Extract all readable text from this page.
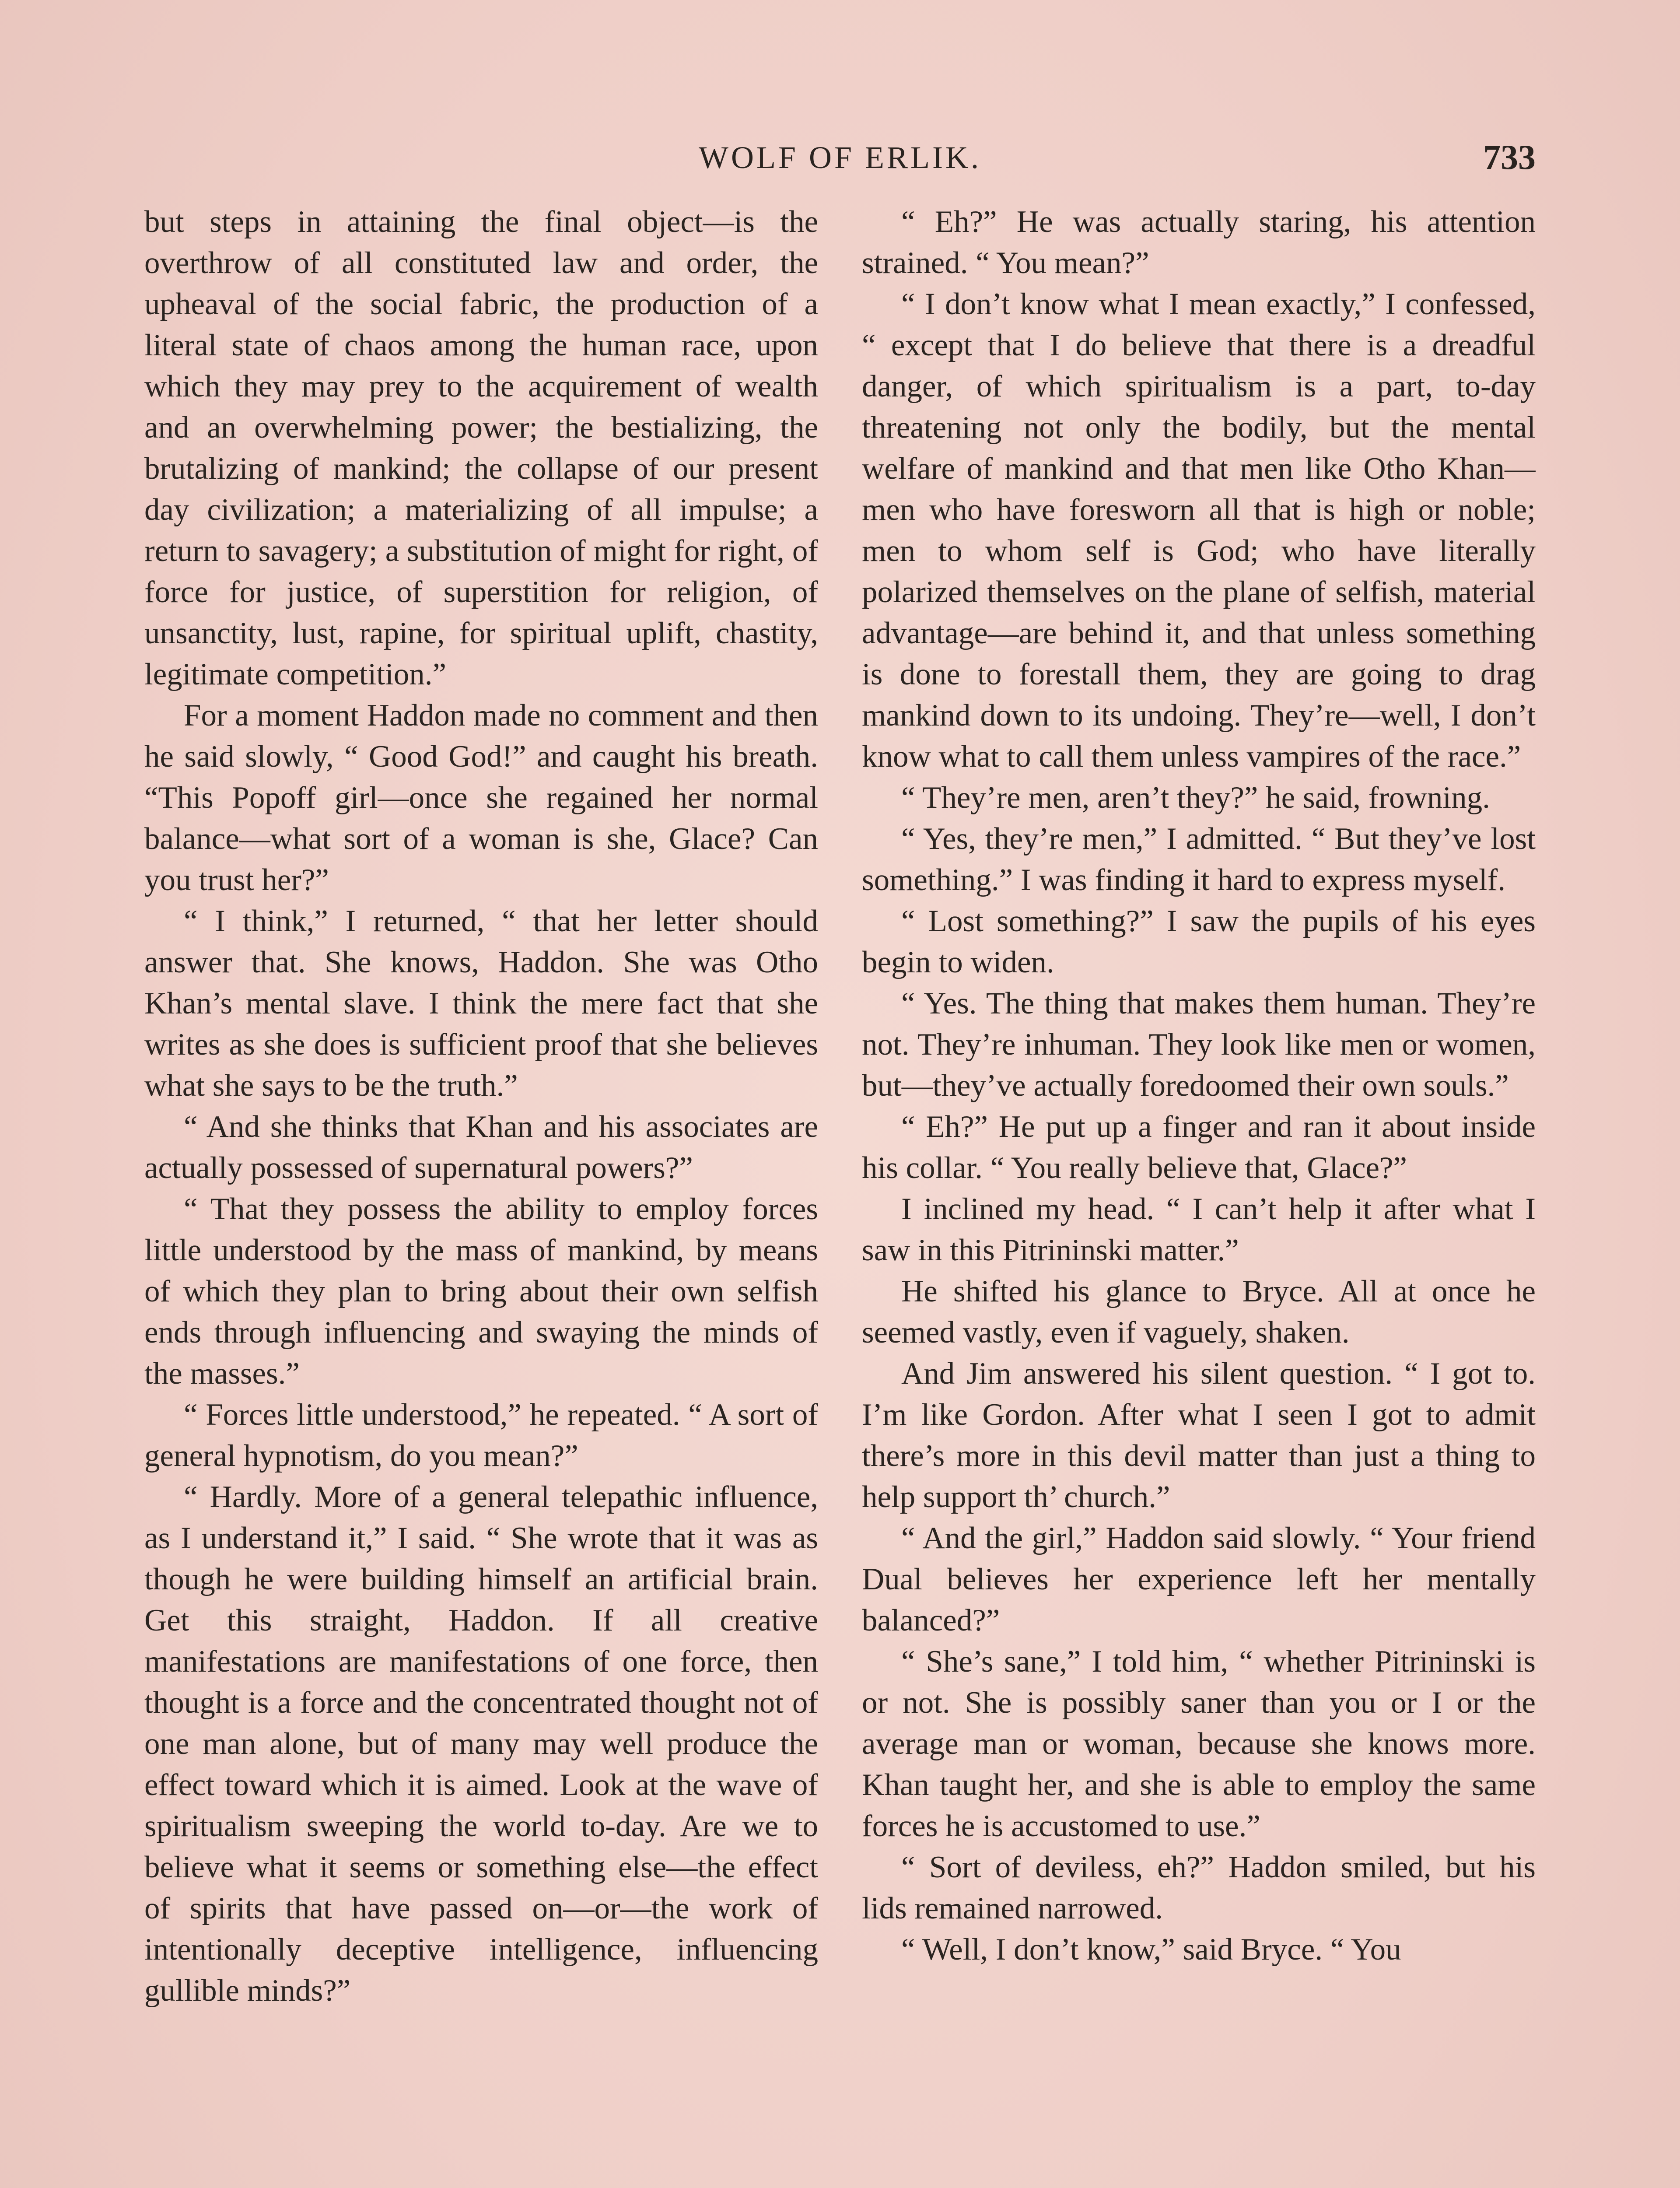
WOLF OF ERLIK.	733

but steps in attaining the final object—is the overthrow of all constituted law and order, the upheaval of the social fabric, the production of a literal state of chaos among the human race, upon which they may prey to the acquirement of wealth and an overwhelming power; the bestializing, the brutalizing of mankind; the collapse of our present day civilization; a materializing of all impulse; a return to savagery; a substitution of might for right, of force for justice, of superstition for religion, of unsanctity, lust, rapine, for spiritual uplift, chastity, legitimate competition.”

For a moment Haddon made no comment and then he said slowly, “ Good God!” and caught his breath. “This Popoff girl—once she regained her normal balance—what sort of a woman is she, Glace? Can you trust her?”

“ I think,” I returned, “ that her letter should answer that. She knows, Haddon. She was Otho Khan’s mental slave. I think the mere fact that she writes as she does is sufficient proof that she believes what she says to be the truth.”

“ And she thinks that Khan and his associates are actually possessed of supernatural powers?”

“ That they possess the ability to employ forces little understood by the mass of mankind, by means of which they plan to bring about their own selfish ends through influencing and swaying the minds of the masses.”

“ Forces little understood,” he repeated. “ A sort of general hypnotism, do you mean?”

“ Hardly. More of a general telepathic influence, as I understand it,” I said. “ She wrote that it was as though he were building himself an artificial brain. Get this straight, Haddon. If all creative manifestations are manifestations of one force, then thought is a force and the concentrated thought not of one man alone, but of many may well produce the effect toward which it is aimed. Look at the wave of spiritualism sweeping the world to-day. Are we to believe what it seems or something else—the effect of spirits that have passed on—or—the work of intentionally deceptive intelligence, influencing gullible minds?”

“ Eh?” He was actually staring, his attention strained. “ You mean?”

“ I don’t know what I mean exactly,” I confessed, “ except that I do believe that there is a dreadful danger, of which spiritualism is a part, to-day threatening not only the bodily, but the mental welfare of mankind and that men like Otho Khan—men who have foresworn all that is high or noble; men to whom self is God; who have literally polarized themselves on the plane of selfish, material advantage—are behind it, and that unless something is done to forestall them, they are going to drag mankind down to its undoing. They’re—well, I don’t know what to call them unless vampires of the race.”

“ They’re men, aren’t they?” he said, frowning.

“ Yes, they’re men,” I admitted. “ But they’ve lost something.” I was finding it hard to express myself.

“ Lost something?” I saw the pupils of his eyes begin to widen.

“ Yes. The thing that makes them human. They’re not. They’re inhuman. They look like men or women, but—they’ve actually foredoomed their own souls.”

“ Eh?” He put up a finger and ran it about inside his collar. “ You really believe that, Glace?”

I inclined my head. “ I can’t help it after what I saw in this Pitrininski matter.”

He shifted his glance to Bryce. All at once he seemed vastly, even if vaguely, shaken.

And Jim answered his silent question. “ I got to. I’m like Gordon. After what I seen I got to admit there’s more in this devil matter than just a thing to help support th’ church.”

“ And the girl,” Haddon said slowly. “ Your friend Dual believes her experience left her mentally balanced?”

“ She’s sane,” I told him, “ whether Pitrininski is or not. She is possibly saner than you or I or the average man or woman, because she knows more. Khan taught her, and she is able to employ the same forces he is accustomed to use.”

“ Sort of deviless, eh?” Haddon smiled, but his lids remained narrowed.

“ Well, I don’t know,” said Bryce. “ You
